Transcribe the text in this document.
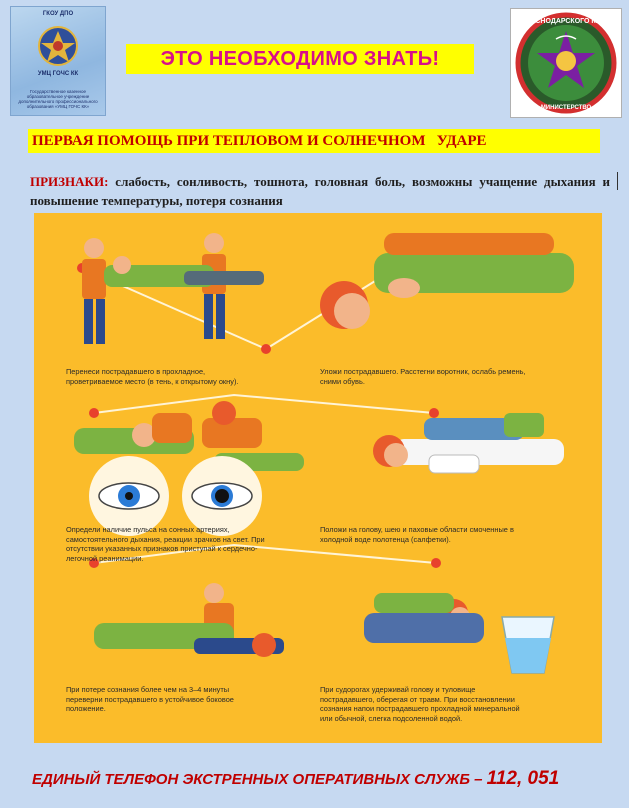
ГКОУ ДПО
УМЦ ГОЧС КК
Государственное казенное образовательное учреждение дополнительного профессионального образования «УМЦ ГОЧС КК»
КРАСНОДАРСКОГО КРАЯ
МИНИСТЕРСТВО
ЭТО НЕОБХОДИМО ЗНАТЬ!
ПЕРВАЯ ПОМОЩЬ ПРИ ТЕПЛОВОМ И СОЛНЕЧНОМ   УДАРЕ
ПРИЗНАКИ: слабость, сонливость, тошнота, головная боль, возможны учащение дыхания и повышение температуры, потеря сознания
Перенеси пострадавшего в прохладное, проветриваемое место (в тень, к открытому окну).
Уложи пострадавшего. Расстегни воротник, ослабь ремень, сними обувь.
Определи наличие пульса на сонных артериях, самостоятельного дыхания, реакции зрачков на свет. При отсутствии указанных признаков приступай к сердечно-легочной реанимации.
Положи на голову, шею и паховые области смоченные в холодной воде полотенца (салфетки).
При потере сознания более чем на 3–4 минуты переверни пострадавшего в устойчивое боковое положение.
При судорогах удерживай голову и туловище пострадавшего, оберегая от травм. При восстановлении сознания напои пострадавшего прохладной минеральной или обычной, слегка подсоленной водой.
ЕДИНЫЙ ТЕЛЕФОН ЭКСТРЕННЫХ ОПЕРАТИВНЫХ СЛУЖБ – 112, 051
